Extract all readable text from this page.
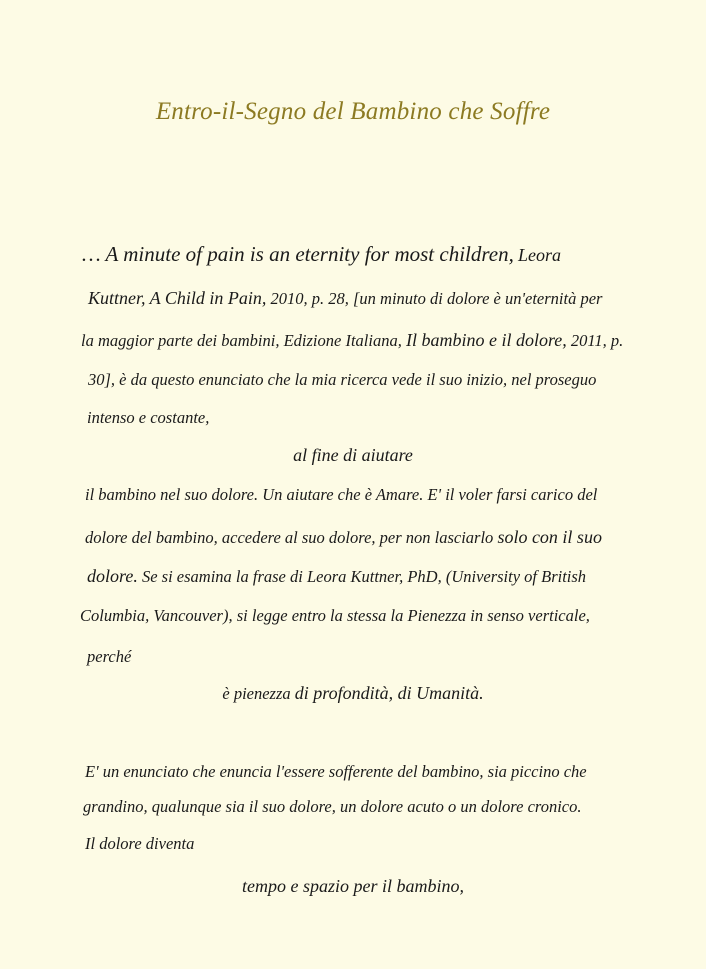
Entro-il-Segno del Bambino che Soffre
… A minute of pain is an eternity for most children, Leora
Kuttner, A Child in Pain, 2010, p. 28, [un minuto di dolore è un'eternità per
la maggior parte dei bambini, Edizione Italiana, Il bambino e il dolore, 2011, p.
30], è da questo enunciato che la mia ricerca vede il suo inizio, nel proseguo
intenso e costante,
al fine di aiutare
il bambino nel suo dolore. Un aiutare che è Amare. E' il voler farsi carico del
dolore del bambino, accedere al suo dolore, per non lasciarlo solo con il suo
dolore. Se si esamina la frase di Leora Kuttner, PhD, (University of British
Columbia, Vancouver), si legge entro la stessa la Pienezza in senso verticale,
perché
è pienezza di profondità, di Umanità.
E' un enunciato che enuncia l'essere sofferente del bambino, sia piccino che
grandino, qualunque sia il suo dolore, un dolore acuto o un dolore cronico.
Il dolore diventa
tempo e spazio per il bambino,
